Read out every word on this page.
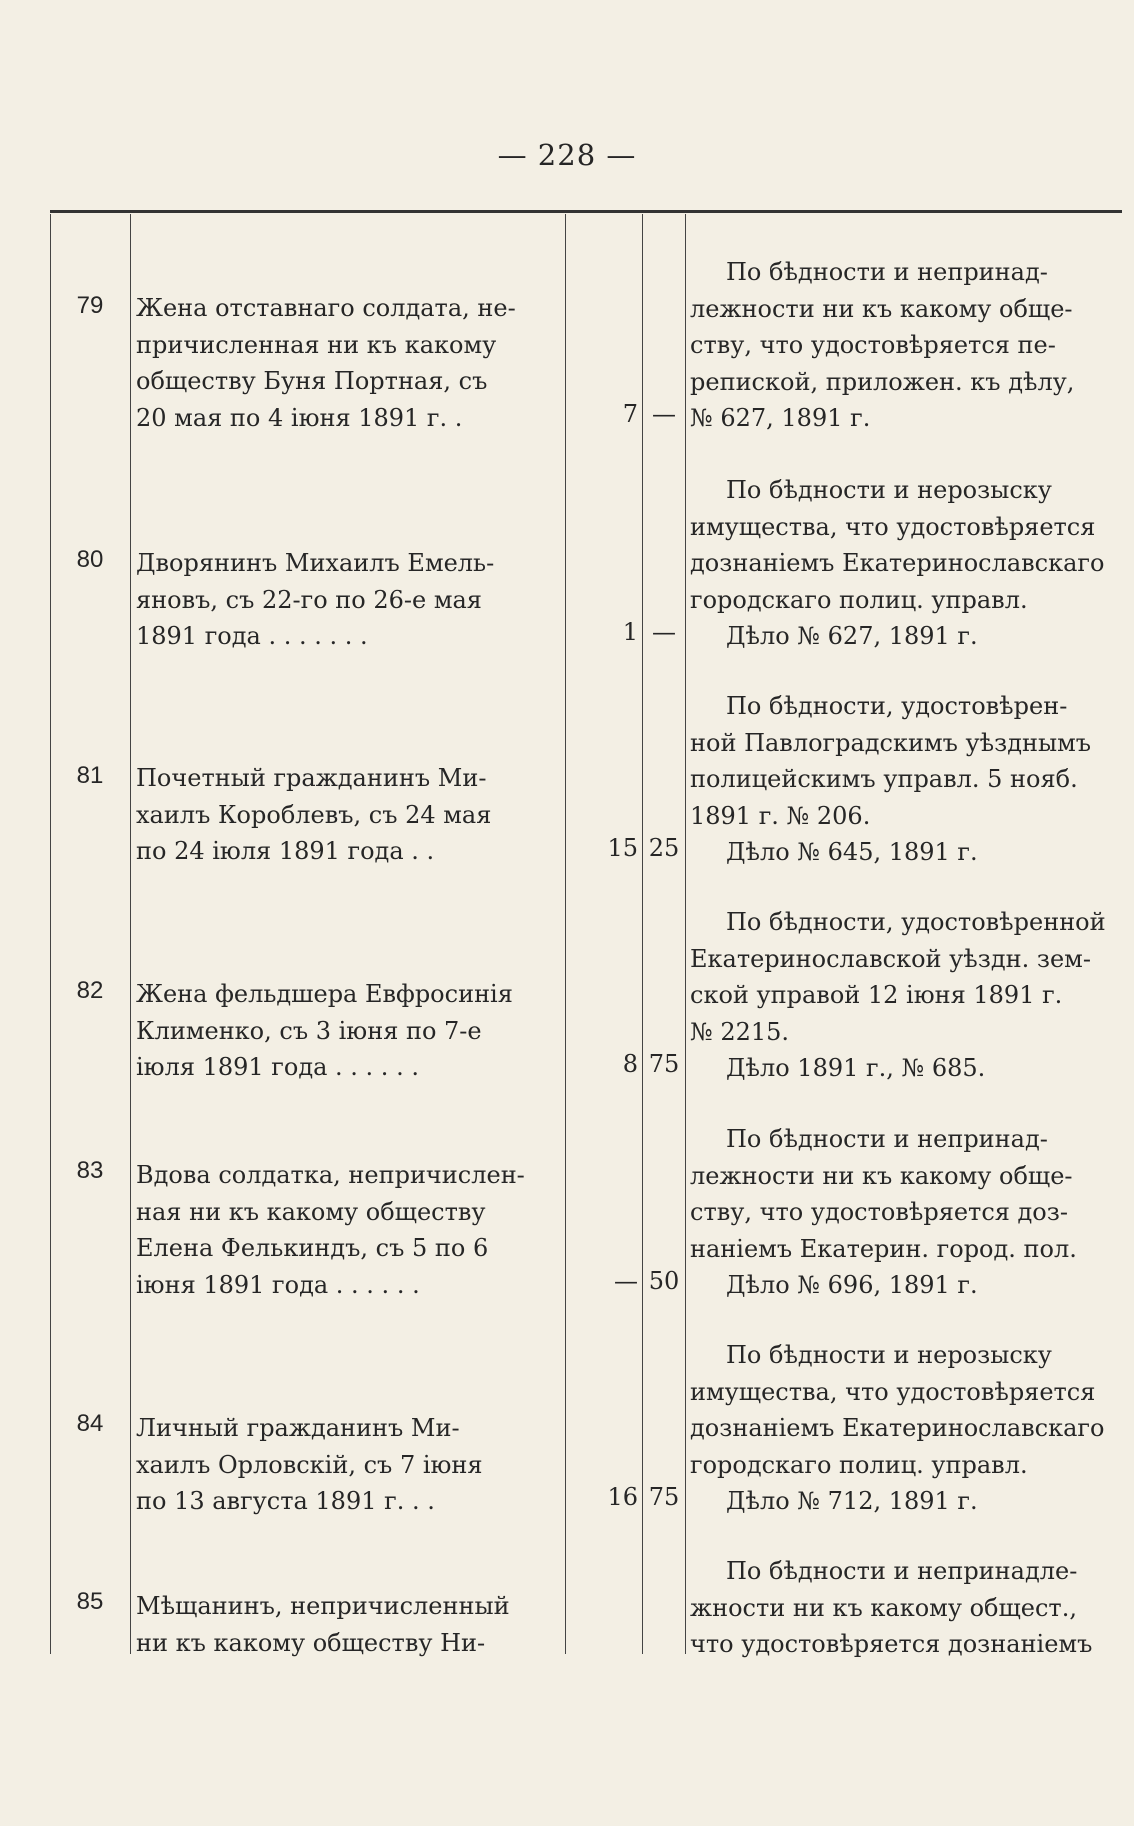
— 228 —
79	Жена отставнаго солдата, не-
причисленная ни къ какому
обществу Буня Портная, съ
20 мая по 4 іюня 1891 г. .	7 —
По бѣдности и непринад-
лежности ни къ какому обще-
ству, что удостовѣряется пе-
репиской, приложен. къ дѣлу,
№ 627, 1891 г.
80	Дворянинъ Михаилъ Емель-
яновъ, съ 22-го по 26-е мая
1891 года . . . . . . .	1 —
По бѣдности и нерозыску
имущества, что удостовѣряется
дознаніемъ Екатеринославскаго
городскаго полиц. управл.
Дѣло № 627, 1891 г.
81	Почетный гражданинъ Ми-
хаилъ Короблевъ, съ 24 мая
по 24 іюля 1891 года . .	15 25
По бѣдности, удостовѣрен-
ной Павлоградскимъ уѣзднымъ
полицейскимъ управл. 5 нояб.
1891 г. № 206.
Дѣло № 645, 1891 г.
82	Жена фельдшера Евфросинія
Клименко, съ 3 іюня по 7-е
іюля 1891 года . . . . . .	8 75
По бѣдности, удостовѣренной
Екатеринославской уѣздн. зем-
ской управой 12 іюня 1891 г.
№ 2215.
Дѣло 1891 г., № 685.
83	Вдова солдатка, непричислен-
ная ни къ какому обществу
Елена Фелькиндъ, съ 5 по 6
іюня 1891 года . . . . . .	— 50
По бѣдности и непринад-
лежности ни къ какому обще-
ству, что удостовѣряется доз-
наніемъ Екатерин. город. пол.
Дѣло № 696, 1891 г.
84	Личный гражданинъ Ми-
хаилъ Орловскій, съ 7 іюня
по 13 августа 1891 г. . .	16 75
По бѣдности и нерозыску
имущества, что удостовѣряется
дознаніемъ Екатеринославскаго
городскаго полиц. управл.
Дѣло № 712, 1891 г.
85	Мѣщанинъ, непричисленный
ни къ какому обществу Ни-
По бѣдности и непринадле-
жности ни къ какому общест.,
что удостовѣряется дознаніемъ
